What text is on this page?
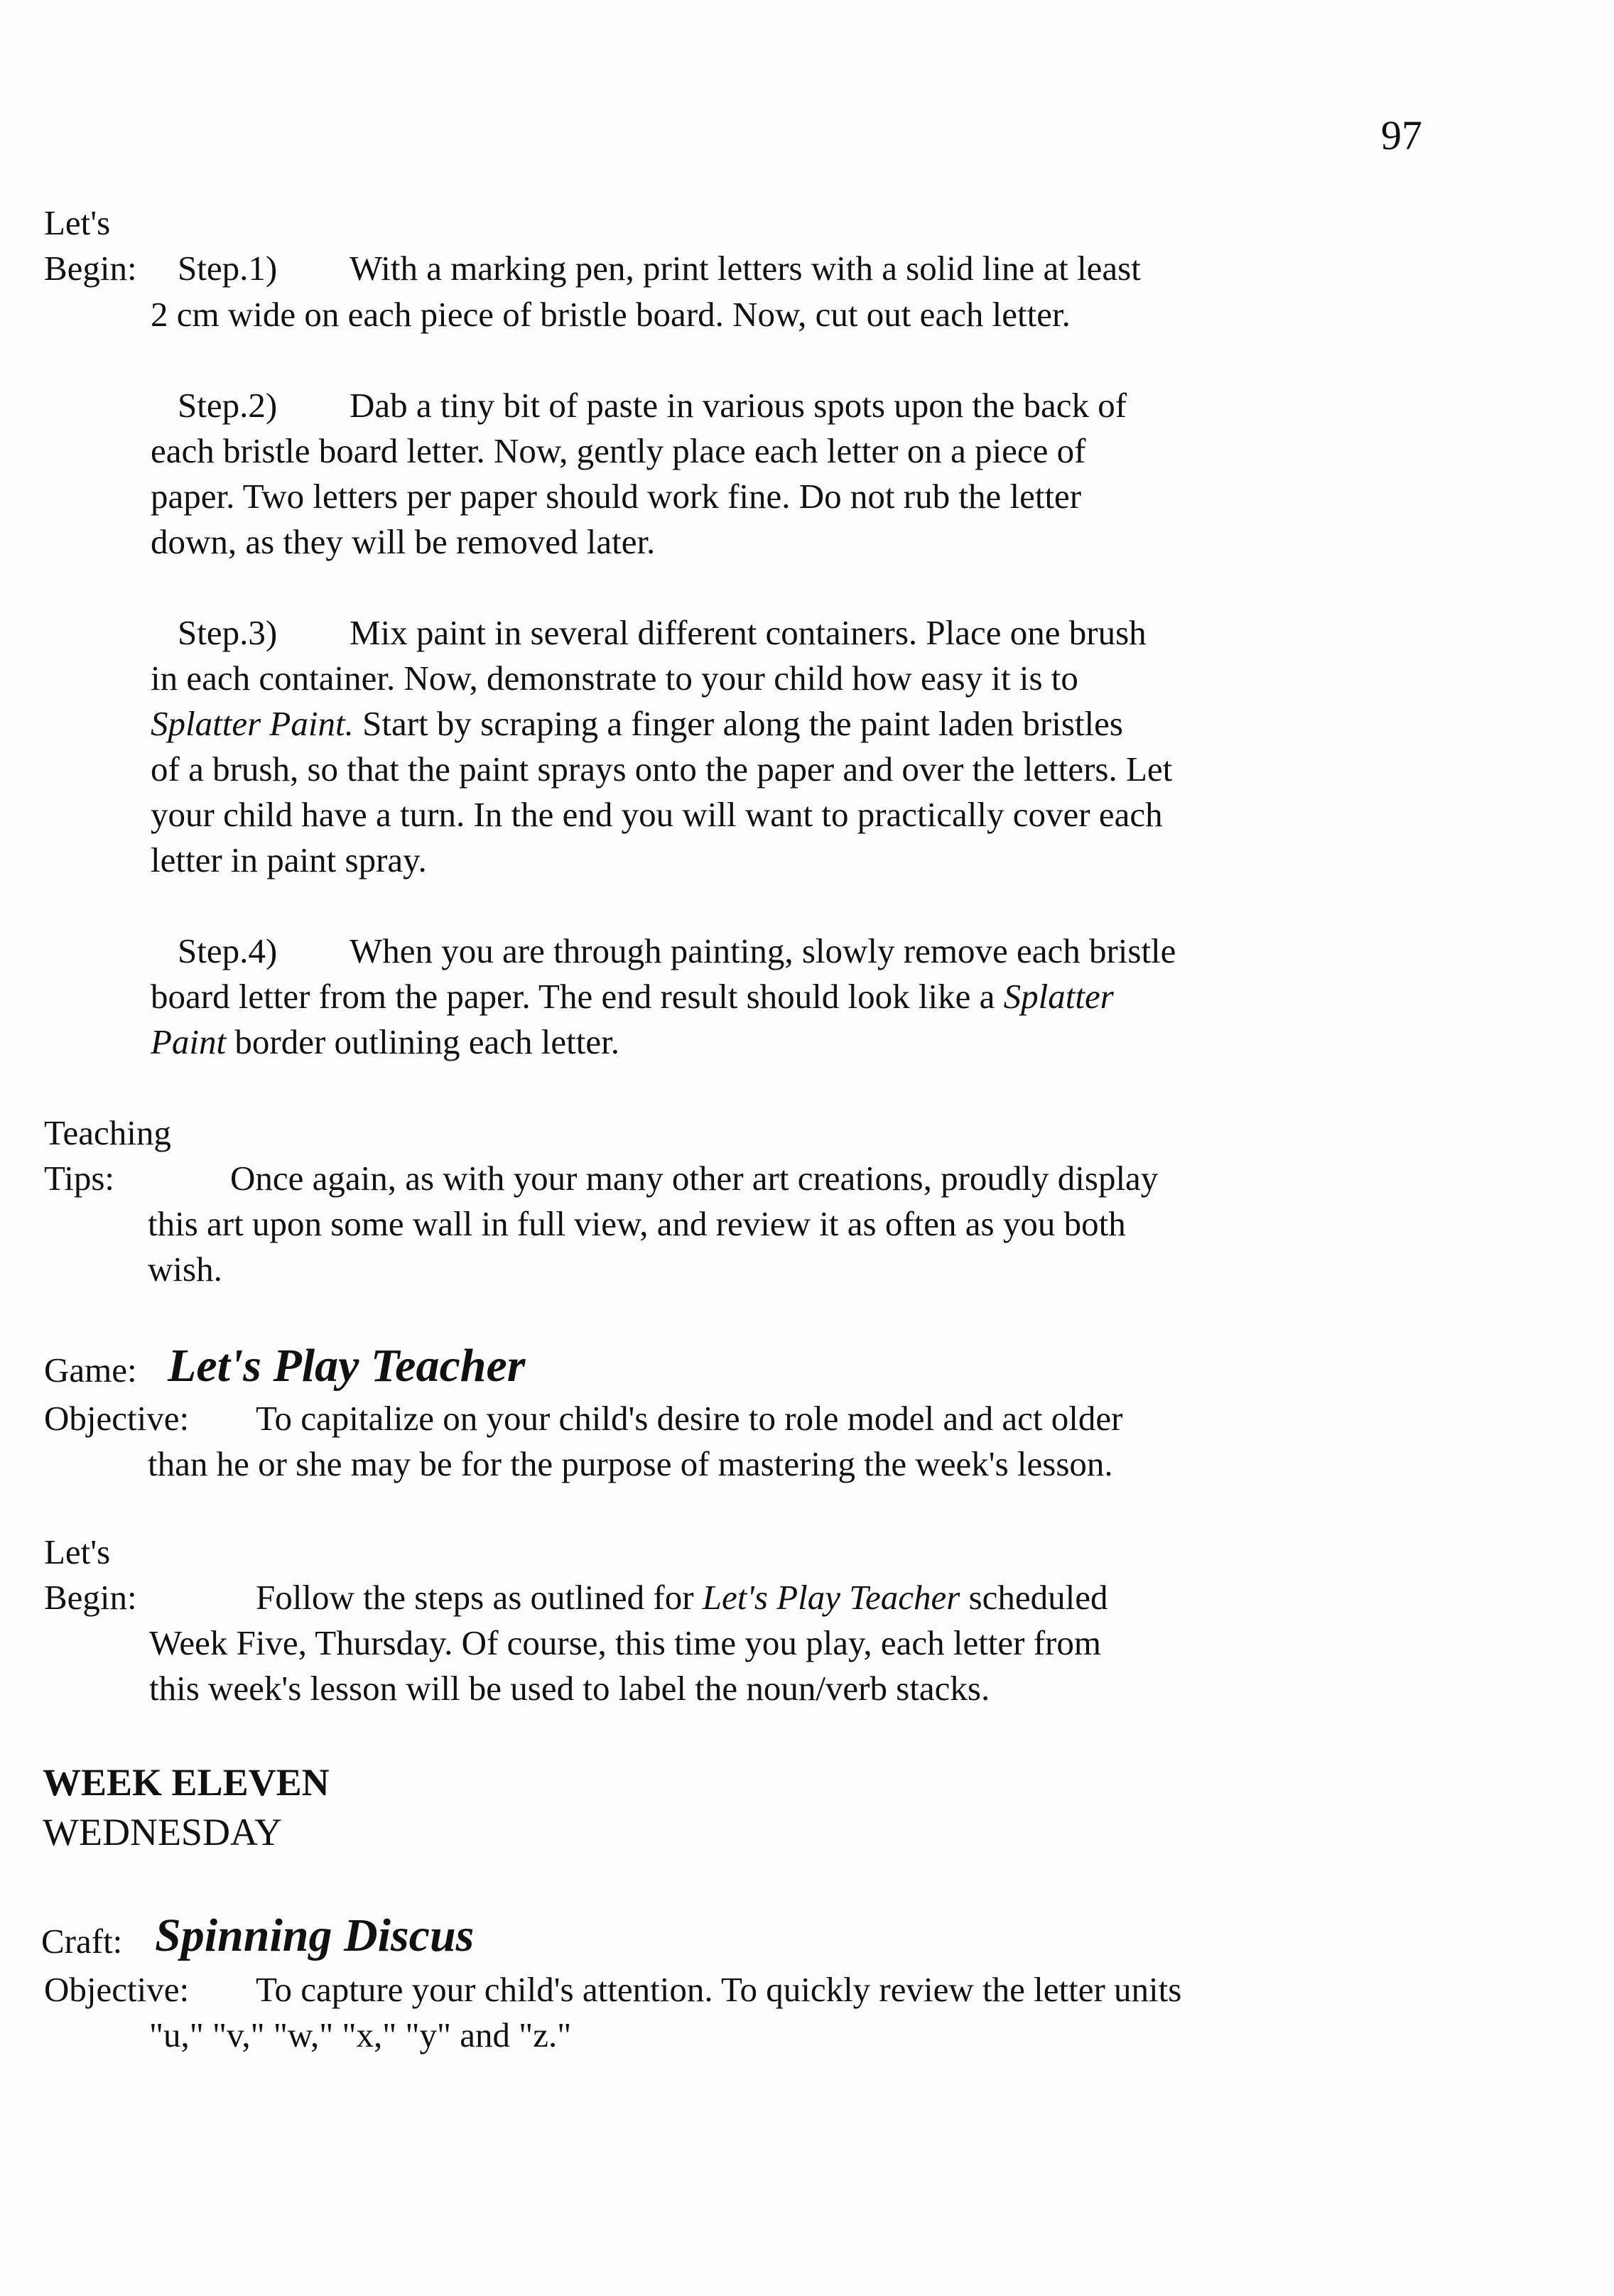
97
Let's
Begin: Step.1) With a marking pen, print letters with a solid line at least
2 cm wide on each piece of bristle board. Now, cut out each letter.
Step.2) Dab a tiny bit of paste in various spots upon the back of
each bristle board letter. Now, gently place each letter on a piece of
paper. Two letters per paper should work fine. Do not rub the letter
down, as they will be removed later.
Step.3) Mix paint in several different containers. Place one brush
in each container. Now, demonstrate to your child how easy it is to
Splatter Paint. Start by scraping a finger along the paint laden bristles
of a brush, so that the paint sprays onto the paper and over the letters. Let
your child have a turn. In the end you will want to practically cover each
letter in paint spray.
Step.4) When you are through painting, slowly remove each bristle
board letter from the paper. The end result should look like a Splatter
Paint border outlining each letter.
Teaching
Tips:	Once again, as with your many other art creations, proudly display
this art upon some wall in full view, and review it as often as you both
wish.
Game: Let's Play Teacher
Objective: To capitalize on your child's desire to role model and act older
than he or she may be for the purpose of mastering the week's lesson.
Let's
Begin:	Follow the steps as outlined for Let's Play Teacher scheduled
Week Five, Thursday. Of course, this time you play, each letter from
this week's lesson will be used to label the noun/verb stacks.
WEEK ELEVEN
WEDNESDAY
Craft: Spinning Discus
Objective: To capture your child's attention. To quickly review the letter units
"u," "v," "w," "x," "y" and "z."
